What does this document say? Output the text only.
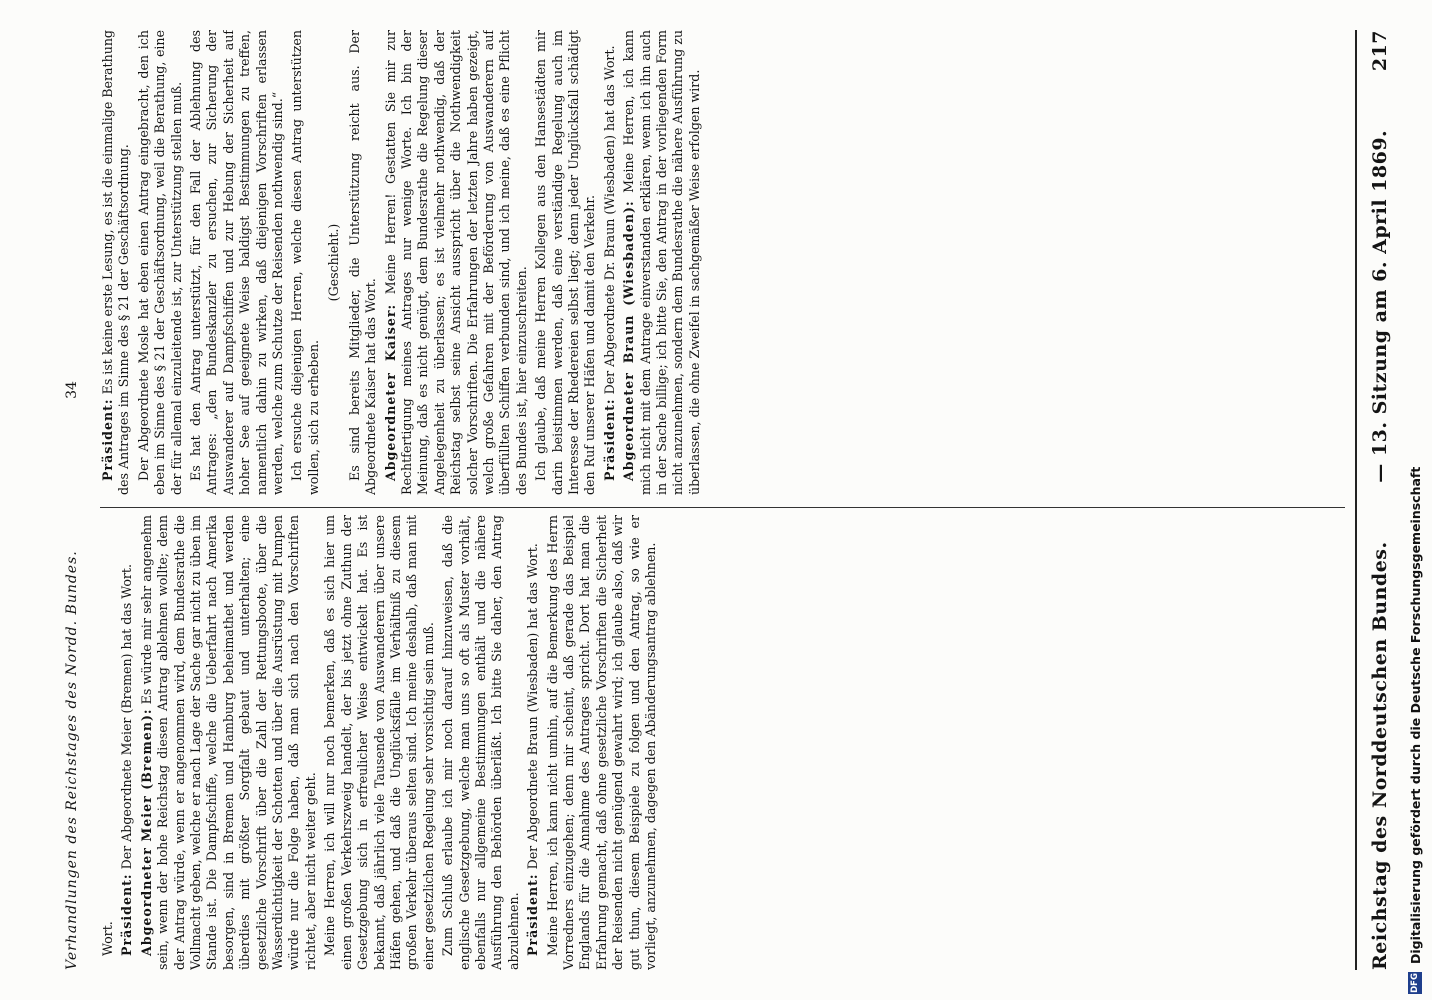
Reichstag des Norddeutschen Bundes.
— 13. Sitzung am 6. April 1869.
217

Wort. Präsident: Der Abgeordnete Meier (Bremen) hat das Wort. Abgeordneter Meier (Bremen): Es würde mir sehr angenehm sein, wenn der hohe Reichstag diesen Antrag ablehnen wollte; denn der Antrag würde, wenn er angenommen wird, dem Bundesrathe die Vollmacht geben, welche er nach Lage der Sache gar nicht zu üben im Stande ist. Die Dampfschiffe, welche die Ueberfahrt nach Amerika besorgen, sind in Bremen und Hamburg beheimathet und werden überdies mit größter Sorgfalt gebaut und unterhalten; eine gesetzliche Vorschrift über die Zahl der Rettungsboote, über die Wasserdichtigkeit der Schotten und über die Ausrüstung mit Pumpen würde nur die Folge haben, daß man sich nach den Vorschriften richtet, aber nicht weiter geht. Meine Herren, ich will nur noch bemerken, daß es sich hier um einen großen Verkehrszweig handelt, der bis jetzt ohne Zuthun der Gesetzgebung sich in erfreulicher Weise entwickelt hat. Es ist bekannt, daß jährlich viele Tausende von Auswanderern über unsere Häfen gehen, und daß die Unglücksfälle im Verhältniß zu diesem großen Verkehr überaus selten sind. Ich meine deshalb, daß man mit einer gesetzlichen Regelung sehr vorsichtig sein muß. Zum Schluß erlaube ich mir noch darauf hinzuweisen, daß die englische Gesetzgebung, welche man uns so oft als Muster vorhält, ebenfalls nur allgemeine Bestimmungen enthält und die nähere Ausführung den Behörden überläßt. Ich bitte Sie daher, den Antrag abzulehnen. Präsident: Der Abgeordnete Braun (Wiesbaden) hat das Wort. Meine Herren, ich kann nicht umhin, auf die Bemerkung des Herrn Vorredners einzugehen; denn mir scheint, daß gerade das Beispiel Englands für die Annahme des Antrages spricht. Dort hat man die Erfahrung gemacht, daß ohne gesetzliche Vorschriften die Sicherheit der Reisenden nicht genügend gewahrt wird; ich glaube also, daß wir gut thun, diesem Beispiele zu folgen und den Antrag, so wie er vorliegt, anzunehmen, dagegen den Abänderungsantrag ablehnen.

Präsident: Es ist keine erste Lesung, es ist die einmalige Berathung des Antrages im Sinne des § 21 der Geschäftsordnung. Der Abgeordnete Mosle hat eben einen Antrag eingebracht, den ich eben im Sinne des § 21 der Geschäftsordnung, weil die Berathung, eine der für allemal einzuleitende ist, zur Unterstützung stellen muß. Es hat den Antrag unterstützt, für den Fall der Ablehnung des Antrages: „den Bundeskanzler zu ersuchen, zur Sicherung der Auswanderer auf Dampfschiffen und zur Hebung der Sicherheit auf hoher See auf geeignete Weise baldigst Bestimmungen zu treffen, namentlich dahin zu wirken, daß diejenigen Vorschriften erlassen werden, welche zum Schutze der Reisenden nothwendig sind.“ Ich ersuche diejenigen Herren, welche diesen Antrag unterstützen wollen, sich zu erheben.

(Geschieht.) Es sind bereits Mitglieder, die Unterstützung reicht aus. Der Abgeordnete Kaiser hat das Wort. Abgeordneter Kaiser: Meine Herren! Gestatten Sie mir zur Rechtfertigung meines Antrages nur wenige Worte. Ich bin der Meinung, daß es nicht genügt, dem Bundesrathe die Regelung dieser Angelegenheit zu überlassen; es ist vielmehr nothwendig, daß der Reichstag selbst seine Ansicht ausspricht über die Nothwendigkeit solcher Vorschriften. Die Erfahrungen der letzten Jahre haben gezeigt, welch große Gefahren mit der Beförderung von Auswanderern auf überfüllten Schiffen verbunden sind, und ich meine, daß es eine Pflicht des Bundes ist, hier einzuschreiten. Ich glaube, daß meine Herren Kollegen aus den Hansestädten mir darin beistimmen werden, daß eine verständige Regelung auch im Interesse der Rhedereien selbst liegt; denn jeder Unglücksfall schädigt den Ruf unserer Häfen und damit den Verkehr. Präsident: Der Abgeordnete Dr. Braun (Wiesbaden) hat das Wort. Abgeordneter Braun (Wiesbaden): Meine Herren, ich kann mich nicht mit dem Antrage einverstanden erklären, wenn ich ihn auch in der Sache billige; ich bitte Sie, den Antrag in der vorliegenden Form nicht anzunehmen, sondern dem Bundesrathe die nähere Ausführung zu überlassen, die ohne Zweifel in sachgemäßer Weise erfolgen wird.

Verhandlungen des Reichstages des Nordd. Bundes.
34
DFG
Digitalisierung gefördert durch die Deutsche Forschungsgemeinschaft
